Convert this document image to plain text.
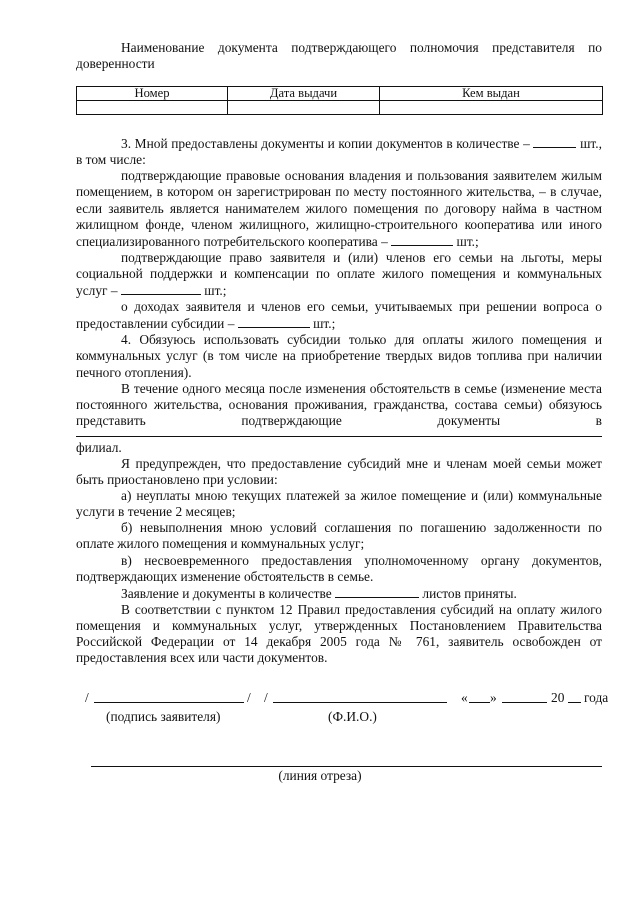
Наименование документа подтверждающего полномочия представителя по доверенности

Номер	Дата выдачи	Кем выдан

3. Мной предоставлены документы и копии документов в количестве –	шт., в том числе:

подтверждающие правовые основания владения и пользования заявителем жилым помещением, в котором он зарегистрирован по месту постоянного жительства, – в случае, если заявитель является нанимателем жилого помещения по договору найма в частном жилищном фонде, членом жилищного, жилищно-строительного кооператива или иного специализированного потребительского кооператива –	шт.;

подтверждающие право заявителя и (или) членов его семьи на льготы, меры социальной поддержки и компенсации по оплате жилого помещения и коммунальных услуг –	шт.;

о доходах заявителя и членов его семьи, учитываемых при решении вопроса о предоставлении субсидии –	шт.;

4. Обязуюсь использовать субсидии только для оплаты жилого помещения и коммунальных услуг (в том числе на приобретение твердых видов топлива при наличии печного отопления).

В течение одного месяца после изменения обстоятельств в семье (изменение места постоянного жительства, основания проживания, гражданства, состава семьи) обязуюсь представить подтверждающие документы в

филиал.

Я предупрежден, что предоставление субсидий мне и членам моей семьи может быть приостановлено при условии:

а) неуплаты мною текущих платежей за жилое помещение и (или) коммунальные услуги в течение 2 месяцев;

б) невыполнения мною условий соглашения по погашению задолженности по оплате жилого помещения и коммунальных услуг;

в) несвоевременного предоставления уполномоченному органу документов, подтверждающих изменение обстоятельств в семье.

Заявление и документы в количестве	листов приняты.

В соответствии с пунктом 12 Правил предоставления субсидий на оплату жилого помещения и коммунальных услуг, утвержденных Постановлением Правительства Российской Федерации от 14 декабря 2005 года № 761, заявитель освобожден от предоставления всех или части документов.

/	/ /	« »	20 года
(подпись заявителя)	(Ф.И.О.)
(линия отреза)
